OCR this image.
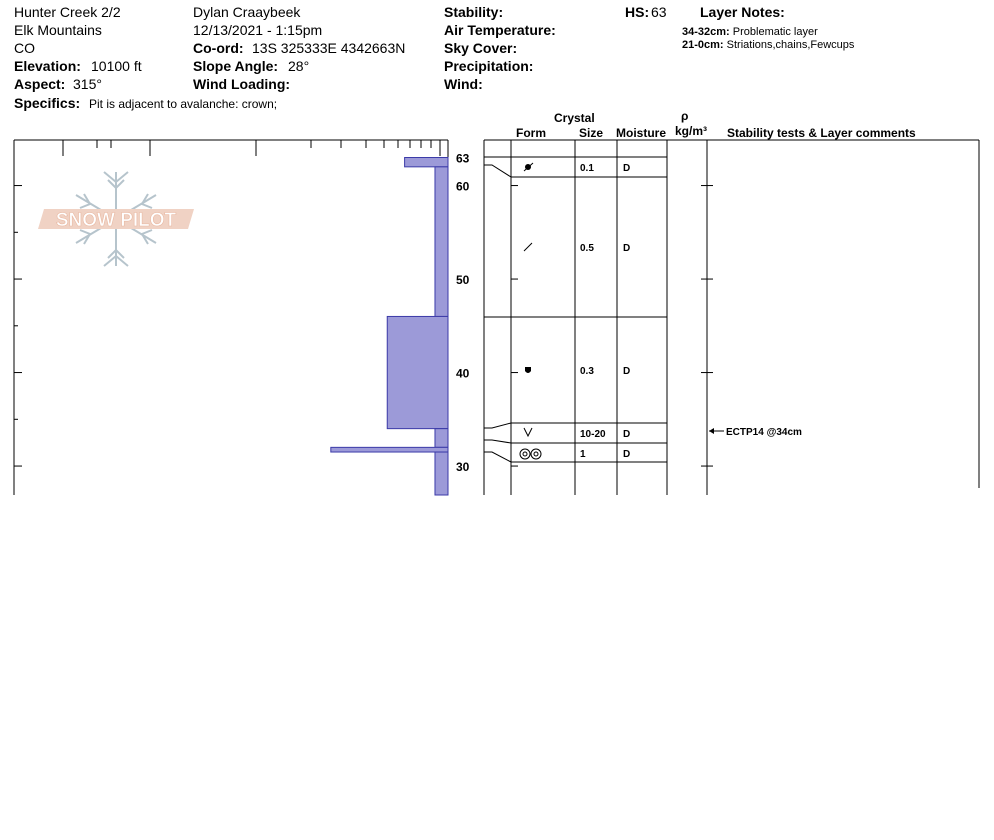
Hunter Creek 2/2
Elk Mountains
CO
Elevation: 10100 ft
Aspect: 315°
Dylan Craaybeek
12/13/2021 - 1:15pm
Co-ord: 13S 325333E 4342663N
Slope Angle: 28°
Wind Loading:
Stability:
Air Temperature:
Sky Cover:
Precipitation:
Wind:
HS: 63 Layer Notes:
34-32cm: Problematic layer
21-0cm: Striations,chains,Fewcups
Specifics: Pit is adjacent to avalanche: crown;
Crystal
Form	Size Moisture
ρ
kg/m³ Stability tests & Layer comments
SNOW PILOT
63
60
50
40
30
0.1	D
0.5	D
0.3	D
10-20 D
1	D
ECTP14 @34cm
